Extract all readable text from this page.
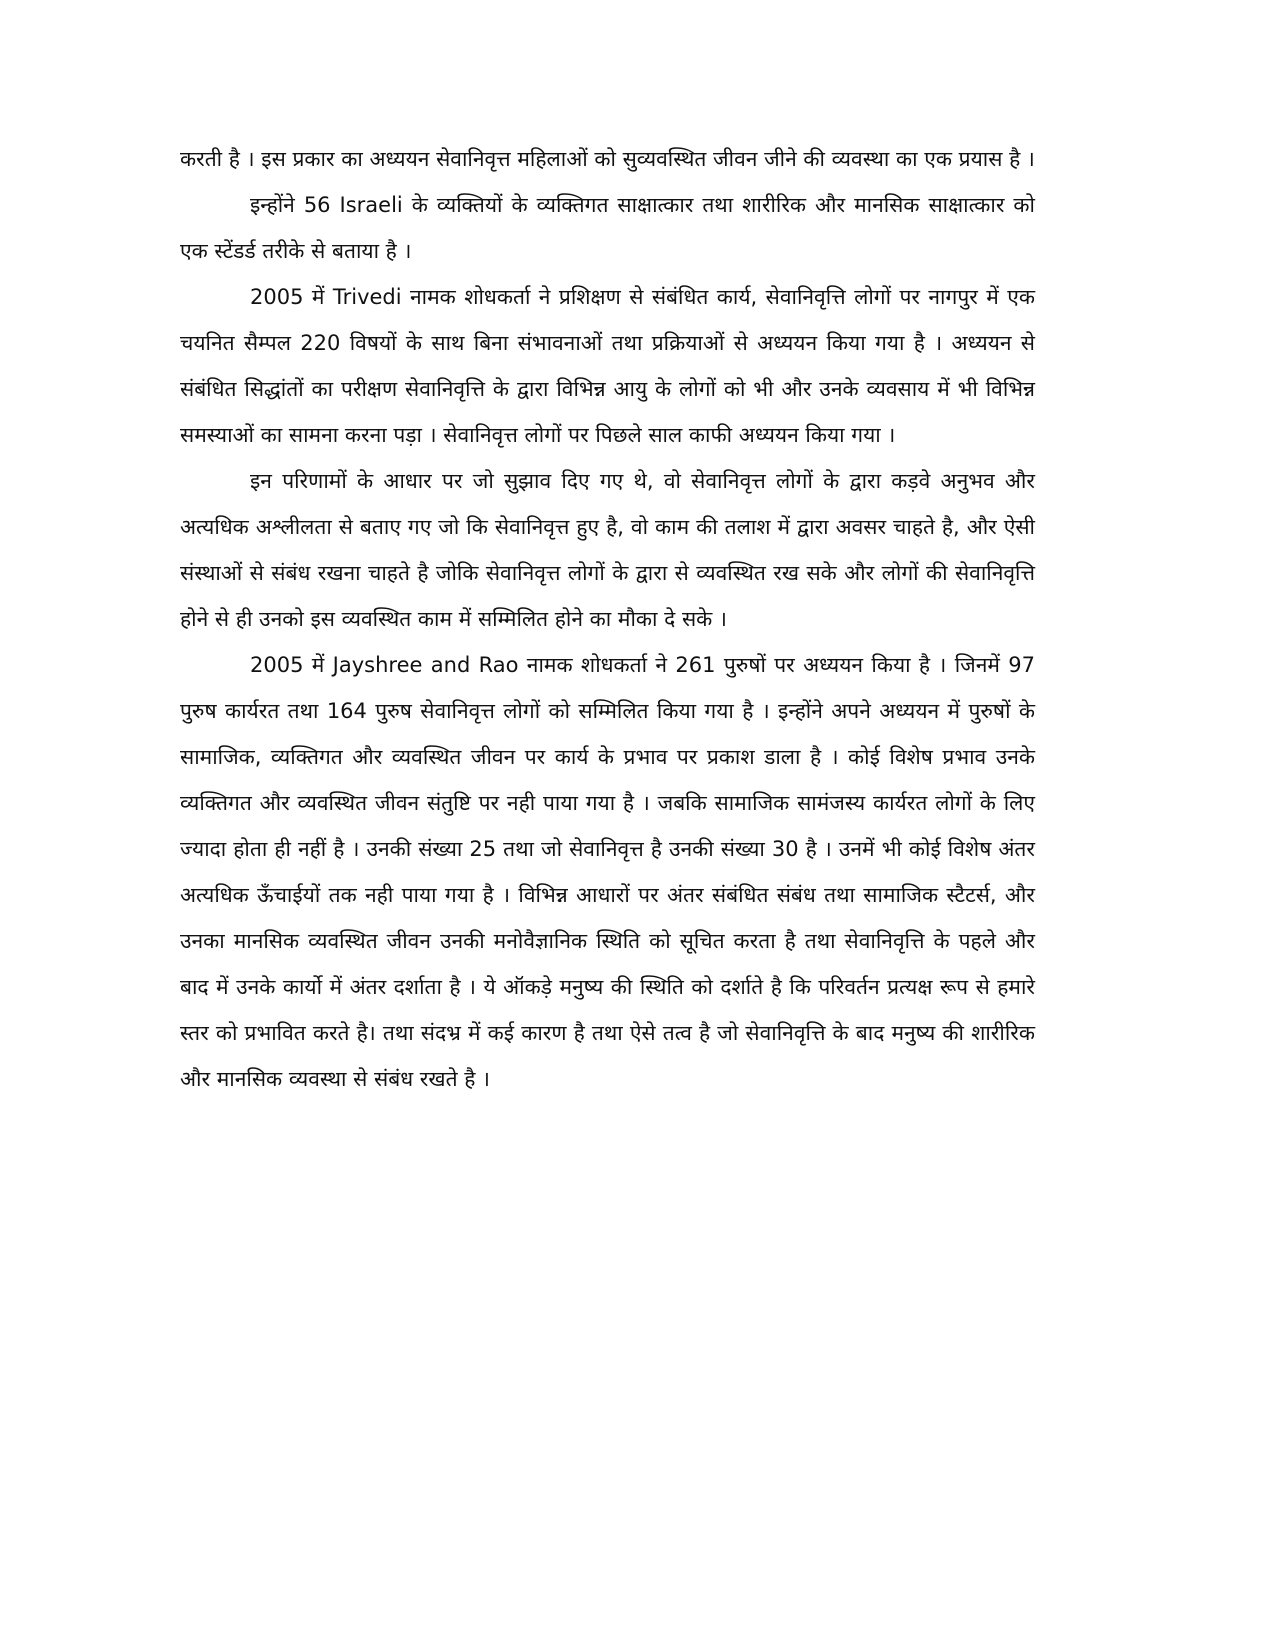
करती है । इस प्रकार का अध्ययन सेवानिवृत्त महिलाओं को सुव्यवस्थित जीवन जीने की व्यवस्था का एक प्रयास है ।

इन्होंने 56 Israeli के व्यक्तियों के व्यक्तिगत साक्षात्कार तथा शारीरिक और मानसिक साक्षात्कार को एक स्टेंडर्ड तरीके से बताया है ।

2005 में Trivedi नामक शोधकर्ता ने प्रशिक्षण से संबंधित कार्य, सेवानिवृत्ति लोगों पर नागपुर में एक चयनित सैम्पल 220 विषयों के साथ बिना संभावनाओं तथा प्रक्रियाओं से अध्ययन किया गया है । अध्ययन से संबंधित सिद्धांतों का परीक्षण सेवानिवृत्ति के द्वारा विभिन्न आयु के लोगों को भी और उनके व्यवसाय में भी विभिन्न समस्याओं का सामना करना पड़ा । सेवानिवृत्त लोगों पर पिछले साल काफी अध्ययन किया गया ।

इन परिणामों के आधार पर जो सुझाव दिए गए थे, वो सेवानिवृत्त लोगों के द्वारा कड़वे अनुभव और अत्यधिक अश्लीलता से बताए गए जो कि सेवानिवृत्त हुए है, वो काम की तलाश में द्वारा अवसर चाहते है, और ऐसी संस्थाओं से संबंध रखना चाहते है जोकि सेवानिवृत्त लोगों के द्वारा से व्यवस्थित रख सके और लोगों की सेवानिवृत्ति होने से ही उनको इस व्यवस्थित काम में सम्मिलित होने का मौका दे सके ।

2005 में Jayshree and Rao नामक शोधकर्ता ने 261 पुरुषों पर अध्ययन किया है । जिनमें 97 पुरुष कार्यरत तथा 164 पुरुष सेवानिवृत्त लोगों को सम्मिलित किया गया है । इन्होंने अपने अध्ययन में पुरुषों के सामाजिक, व्यक्तिगत और व्यवस्थित जीवन पर कार्य के प्रभाव पर प्रकाश डाला है । कोई विशेष प्रभाव उनके व्यक्तिगत और व्यवस्थित जीवन संतुष्टि पर नही पाया गया है । जबकि सामाजिक सामंजस्य कार्यरत लोगों के लिए ज्यादा होता ही नहीं है । उनकी संख्या 25 तथा जो सेवानिवृत्त है उनकी संख्या 30 है । उनमें भी कोई विशेष अंतर अत्यधिक ऊँचाईयों तक नही पाया गया है । विभिन्न आधारों पर अंतर संबंधित संबंध तथा सामाजिक स्टैटर्स, और उनका मानसिक व्यवस्थित जीवन उनकी मनोवैज्ञानिक स्थिति को सूचित करता है तथा सेवानिवृत्ति के पहले और बाद में उनके कार्यो में अंतर दर्शाता है । ये ऑकड़े मनुष्य की स्थिति को दर्शाते है कि परिवर्तन प्रत्यक्ष रूप से हमारे स्तर को प्रभावित करते है। तथा संदभ्र में कई कारण है तथा ऐसे तत्व है जो सेवानिवृत्ति के बाद मनुष्य की शारीरिक और मानसिक व्यवस्था से संबंध रखते है ।
